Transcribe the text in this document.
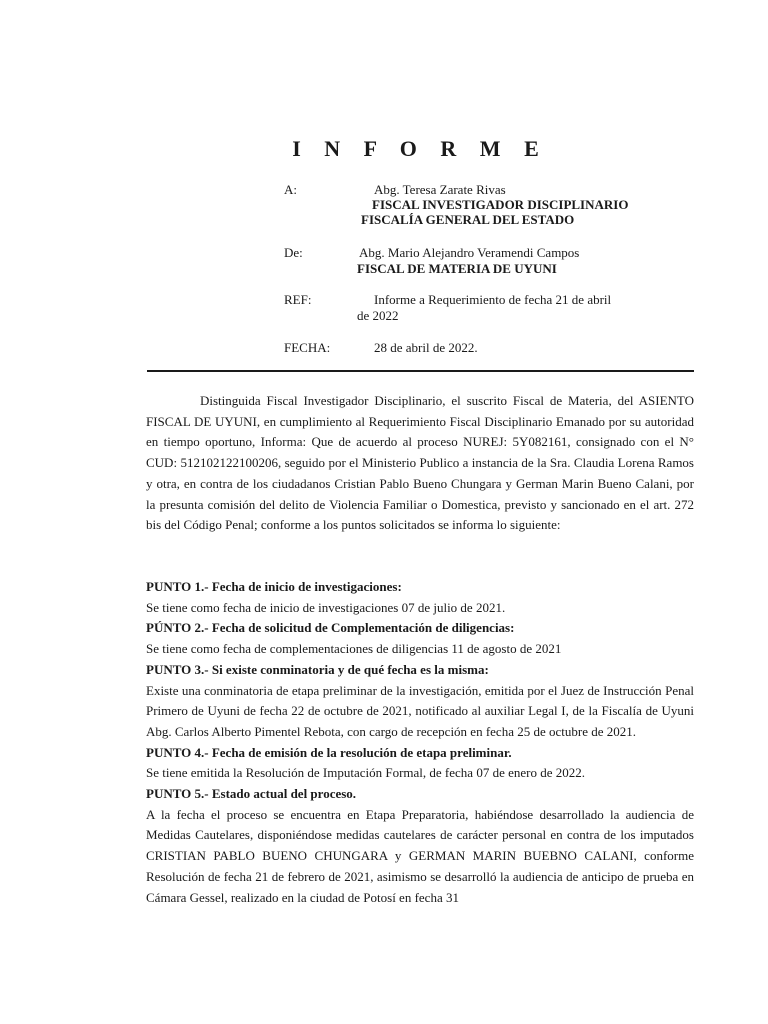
I N F O R M E
A:	Abg. Teresa Zarate Rivas
FISCAL INVESTIGADOR DISCIPLINARIO
FISCALÍA GENERAL DEL ESTADO
De:	Abg. Mario Alejandro Veramendi Campos
FISCAL DE MATERIA DE UYUNI
REF:	Informe a Requerimiento de fecha 21 de abril
de 2022
FECHA:	28 de abril de 2022.

Distinguida Fiscal Investigador Disciplinario, el suscrito Fiscal de Materia, del ASIENTO FISCAL DE UYUNI, en cumplimiento al Requerimiento Fiscal Disciplinario Emanado por su autoridad en tiempo oportuno, Informa: Que de acuerdo al proceso NUREJ: 5Y082161, consignado con el N° CUD: 512102122100206, seguido por el Ministerio Publico a instancia de la Sra. Claudia Lorena Ramos y otra, en contra de los ciudadanos Cristian Pablo Bueno Chungara y German Marin Bueno Calani, por la presunta comisión del delito de Violencia Familiar o Domestica, previsto y sancionado en el art. 272 bis del Código Penal; conforme a los puntos solicitados se informa lo siguiente:

PUNTO 1.- Fecha de inicio de investigaciones:

Se tiene como fecha de inicio de investigaciones 07 de julio de 2021.

PÚNTO 2.- Fecha de solicitud de Complementación de diligencias:

Se tiene como fecha de complementaciones de diligencias 11 de agosto de 2021

PUNTO 3.- Si existe conminatoria y de qué fecha es la misma:

Existe una conminatoria de etapa preliminar de la investigación, emitida por el Juez de Instrucción Penal Primero de Uyuni de fecha 22 de octubre de 2021, notificado al auxiliar Legal I, de la Fiscalía de Uyuni Abg. Carlos Alberto Pimentel Rebota, con cargo de recepción en fecha 25 de octubre de 2021.

PUNTO 4.- Fecha de emisión de la resolución de etapa preliminar.

Se tiene emitida la Resolución de Imputación Formal, de fecha 07 de enero de 2022.

PUNTO 5.- Estado actual del proceso.

A la fecha el proceso se encuentra en Etapa Preparatoria, habiéndose desarrollado la audiencia de Medidas Cautelares, disponiéndose medidas cautelares de carácter personal en contra de los imputados CRISTIAN PABLO BUENO CHUNGARA y GERMAN MARIN BUEBNO CALANI, conforme Resolución de fecha 21 de febrero de 2021, asimismo se desarrolló la audiencia de anticipo de prueba en Cámara Gessel, realizado en la ciudad de Potosí en fecha 31
